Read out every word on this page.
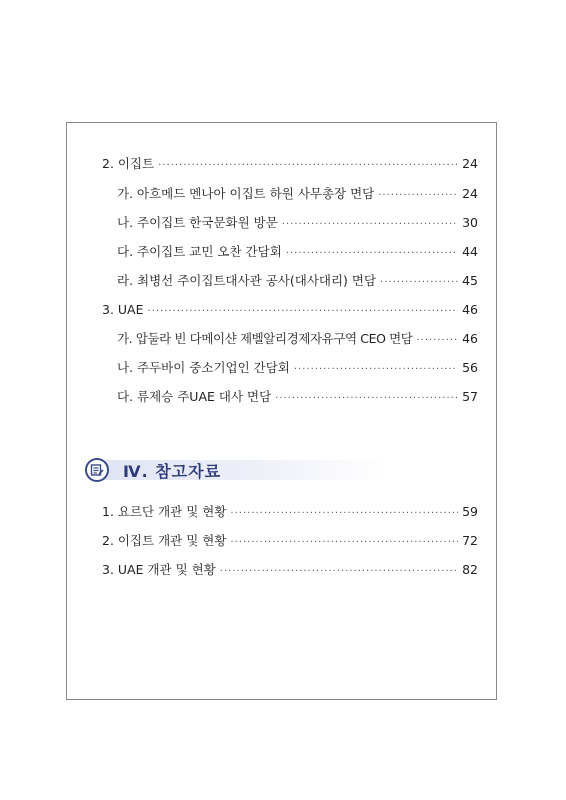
2. 이집트 ·····	24
가. 아흐메드 멘나아 이집트 하원 사무총장 면담 ·····	24
나. 주이집트 한국문화원 방문 ·····	30
다. 주이집트 교민 오찬 간담회 ·····	44
라. 최병선 주이집트대사관 공사(대사대리) 면담 ·····	45
3. UAE ·····	46
가. 압둘라 빈 다메이샨 제벨알리경제자유구역 CEO 면담 ·····	46
나. 주두바이 중소기업인 간담회 ·····	56
다. 류제승 주UAE 대사 면담 ·····	57
Ⅳ. 참고자료
1. 요르단 개관 및 현황 ·····	59
2. 이집트 개관 및 현황 ·····	72
3. UAE 개관 및 현황 ·····	82
